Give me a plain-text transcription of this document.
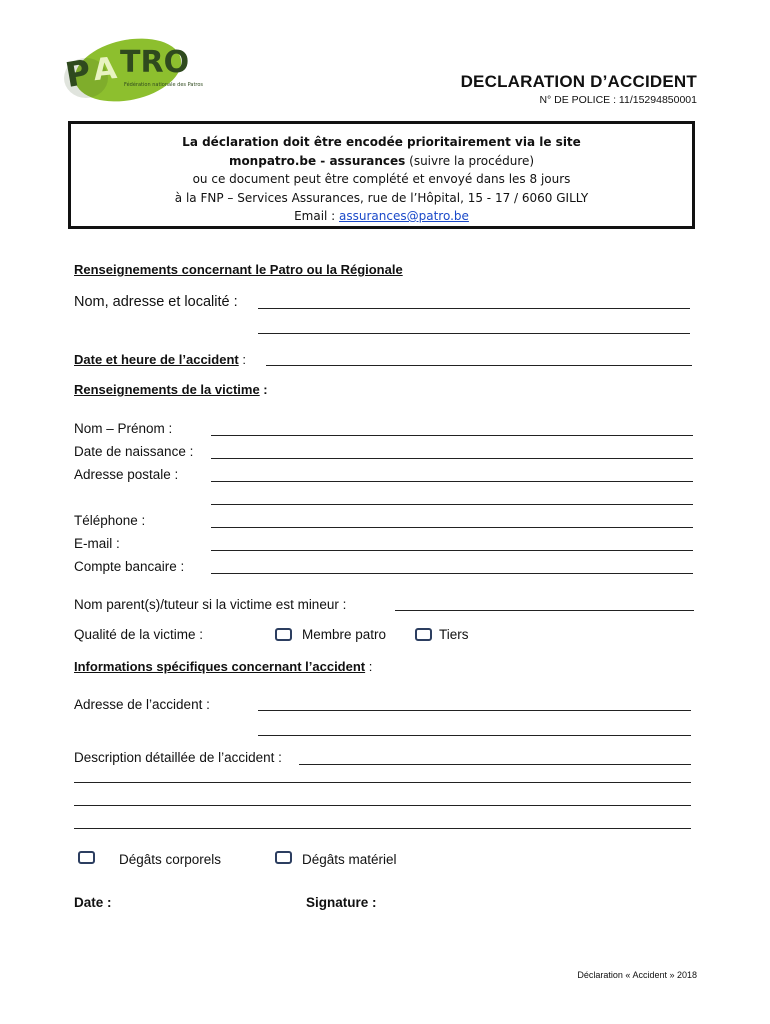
P
A TRO
Fédération nationale des Patros	DECLARATION D’ACCIDENT
N° DE POLICE : 11/15294850001
La déclaration doit être encodée prioritairement via le site
monpatro.be - assurances (suivre la procédure)
ou ce document peut être complété et envoyé dans les 8 jours
à la FNP – Services Assurances, rue de l’Hôpital, 15 - 17 / 6060 GILLY
Email : assurances@patro.be
Renseignements concernant le Patro ou la Régionale
Nom, adresse et localité :
Date et heure de l’accident :
Renseignements de la victime :
Nom – Prénom :
Date de naissance :
Adresse postale :
Téléphone :
E-mail :
Compte bancaire :
Nom parent(s)/tuteur si la victime est mineur :
Qualité de la victime :	Membre patro	Tiers
Informations spécifiques concernant l’accident :
Adresse de l’accident :
Description détaillée de l’accident :
Dégâts corporels	Dégâts matériel
Date :	Signature :
Déclaration « Accident » 2018
